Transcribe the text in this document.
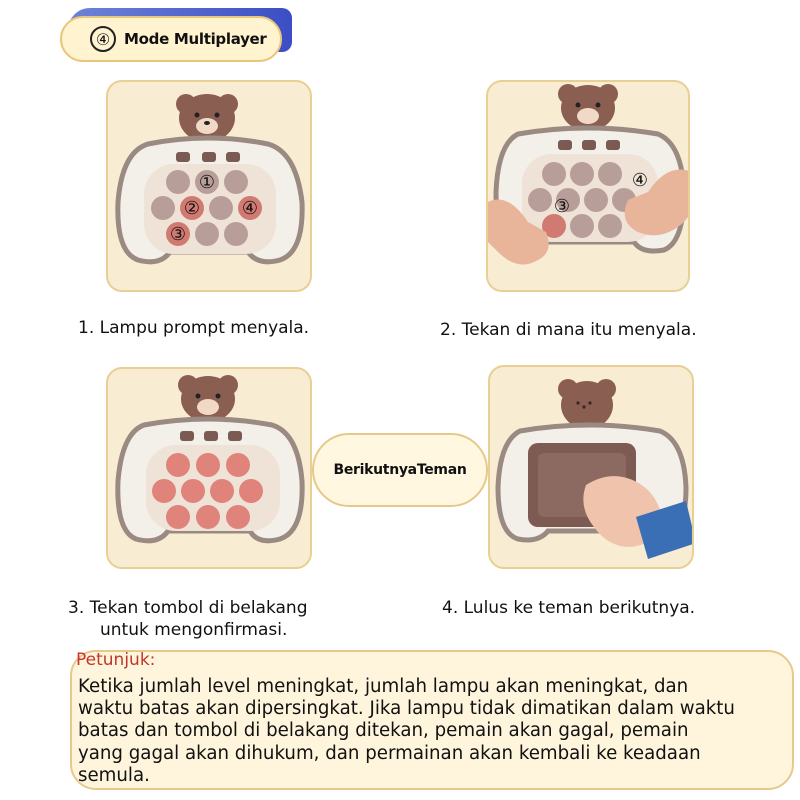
④ Mode Multiplayer
①
②
③
④	③
④
1. Lampu prompt menyala.	2. Tekan di mana itu menyala.
3. Tekan tombol di belakang
untuk mengonfirmasi.
4. Lulus ke teman berikutnya.
BerikutnyaTeman
Petunjuk:
Ketika jumlah level meningkat, jumlah lampu akan meningkat, dan waktu batas akan dipersingkat. Jika lampu tidak dimatikan dalam waktu batas dan tombol di belakang ditekan, pemain akan gagal, pemain yang gagal akan dihukum, dan permainan akan kembali ke keadaan semula.
